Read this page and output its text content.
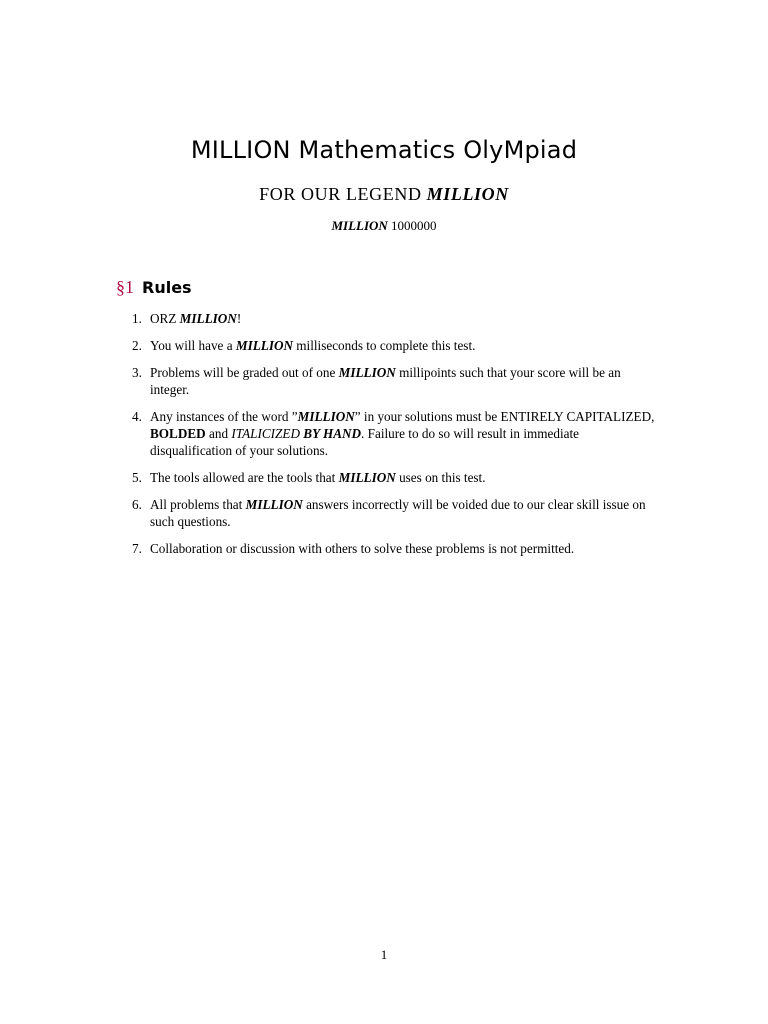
MILLION Mathematics OlyMpiad
FOR OUR LEGEND MILLION
MILLION 1000000
§1 Rules
1. ORZ MILLION!
2. You will have a MILLION milliseconds to complete this test.
3. Problems will be graded out of one MILLION millipoints such that your score will be an integer.
4. Any instances of the word ”MILLION” in your solutions must be ENTIRELY CAPITALIZED, BOLDED and ITALICIZED BY HAND. Failure to do so will result in immediate disqualification of your solutions.
5. The tools allowed are the tools that MILLION uses on this test.
6. All problems that MILLION answers incorrectly will be voided due to our clear skill issue on such questions.
7. Collaboration or discussion with others to solve these problems is not permitted.
1
